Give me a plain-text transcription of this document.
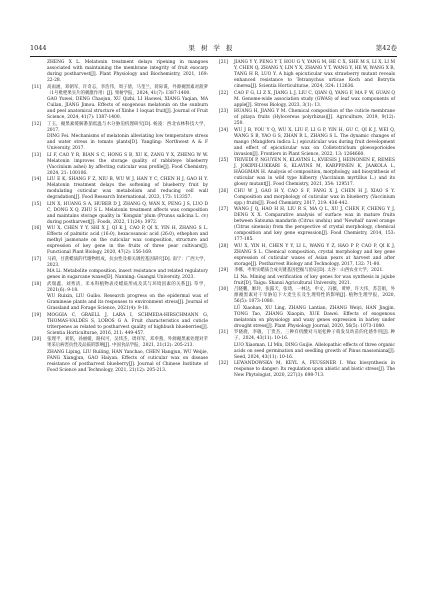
1044	果树学报	第42卷
ZHENG X L. Melatonin treatment delays ripening in mangoes associated with maintaining the membrane integrity of fruit exocarp during postharvest[J]. Plant Physiology and Biochemistry, 2021, 169: 22-28.
[11] 高雨涵，邓朝军，许奇志，李浩伟，周子倩，马奎兰，蒋际谋，外源褪黑素对菠萝（1号枇杷果实片的刺激作用）[J]. 果树学报，2024, 41(7): 1387-1400.
GAO Yuwei, DENG Chaojun, XU Qizhi, LI Haowei, XIANG Yaqian, MA Cuilan, JIANG Jimou. Effects of exogenous melatonin on the sunburn and peel anatomical structure of Xinhe 1 loquat fruit[J]. Journal of Fruit Science, 2024, 41(7): 1387-1400.
[12] 丁玉，褪黑素缓解番茄低温与水分胁迫机理研究[D]. 杨凌：西北农林科技大学，2017.
DING Fei. Mechanisms of melatonin alleviating low temperature stress and water stress in tomato plants[D]. Yangling: Northwest A & F University, 2017.
[13] LI F, CAO Y R, BIAN S C, HONG S B, XU K, ZANG Y X, ZHENG W W. Melatonin improves the storage quality of rabbiteye blueberry (Vaccinium ashei) by affecting cuticular wax profile[J]. Food Chemistry, 2024, 21: 100106.
[14] LIU E K, SHANG F Z, NIU B, WU W J, HAN Y C, CHEN H J, GAO H Y. Melatonin treatment delays the softening of blueberry fruit by modulating cuticular wax metabolism and reducing cell wall degradation[J]. Food Research International, 2023, 173: 113357.
[15] LIN X, HUANG S A, HUBER D J, ZHANG Q, WAN X, PENG J S, LUO D C, DONG X Q, ZHU S L. Melatonin treatment affects wax composition and maintains storage quality in 'Kongxin' plum (Prunus salicina L. cv) during postharvest[J]. Foods, 2022, 11(24): 3972.
[16] WU X, CHEN Y Y, SHI X J, QI K J, CAO P, QI X, YIN H, ZHANG S L. Effects of palmitic acid (16:0), hexacosanoic acid (26:0), ethephon and methyl jasmonate on the cuticular wax composition, structure and expression of key gene in the fruits of three pear cultivars[J]. Functional Plant Biology, 2020, 47(2): 156-169.
[17] 马莉，甘蔗蜡质的代谢物组成，抗虫性及相关调控基因研究[D]. 南宁：广西大学，2023.
MA Li. Metabolite composition, insect resistance and related regulatory genes in sugarcane waxes[D]. Nanning: Guangxi University, 2023.
[18] 武瑞鑫，刘秀清，禾本科植物表皮蜡质形成及其与环境因素的关系[J]. 草学，2021(6): 9-18.
WU Ruixin, LIU Guibo. Research progress on the epidermal wax of Gramineae plants and its responses to environment stress[J]. Journal of Grassland and Forage Science, 2021(4): 9-18.
[19] MOGGIA C, GRAELL J, LARA I, SCHMEDA-HIRSCHMANN G, THOMAS-VALDÉS S, LOBOS G A. Fruit characteristics and cuticle triterpenes as related to postharvest quality of highbush blueberries[J]. Scientia Horticulturae, 2016, 211: 449-457.
[20] 张理平，刘铭，孙丽媛，路权可，吴炜杰，周祥军，邓奉燕，外源褪黑素处理对苹果采后病害抗性及品质的影响[J]. 中国食品学报，2021, 21(12): 205-213.
ZHANG Liping, LIU Ruiling, HAN Yanchao, CHEN Hangjun, WU Weijie, FANG Xiangjun, GAO Haiyan. Effects of cuticular wax on disease resistance of postharvest blueberry[J]. Journal of Chinese Institute of Food Science and Technology, 2021, 21(12): 205-213.
[21] JIANG Y Y, PENG Y T, HOU G Y, YANG M, HE C X, SHE M S, LI X, LI M Y, CHEN Q, ZHANG Y, LIN Y X, ZHANG Y T, WANG Y, HE W, WANG X R, TANG H R, LUO Y. A high epicuticular wax strawberry mutant reveals enhanced resistance to Tetranychus urticae Koch and Botrytis cinerea[J]. Scientia Horticulturae, 2024, 324: 112636.
[22] CAO F G, LI Z X, JIANG L J, LIU C, QIAN Q, YANG F, MA F W, GUAN Q M. Genome-wide association study (GWAS) of leaf wax components of apple[J]. Stress Biology, 2023, 3(1): 13.
[23] HUANG H, JIANG Y M. Chemical composition of the cuticle membrane of pitaya fruits (Hylocereus polyrhizus)[J]. Agriculture, 2019, 9(12): 250.
[24] WU J B, YOU Y Q, WU X, LIU F, LI G P, YIN H, GU C, QI K J, WEI Q, WANG S B, YAO G S, ZHAN R L, ZHANG S L. The dynamic changes of mango (Mangifera indica L.) epicuticular wax during fruit development and effect of epicuticular wax on Colletotrichum gloeosporioides invasion[J]. Frontiers in Plant Science, 2022, 13: 1264660.
[25] TRIVEDI P, NGUYEN N, KLAVINS L, KVIESIS J, HEINONEN E, REMES J, JOKIPII-LUKKARI S, KLAVINS M, KARPPINEN K, JAAKOLA L, HÄGGMAN H. Analysis of composition, morphology, and biosynthesis of cuticular wax in wild type bilberry (Vaccinium myrtillus L.) and its glossy mutant[J]. Food Chemistry, 2021, 354: 129517.
[26] CHU W J, GAO H Y, CAO S F, FANG X J, CHEN H J, XIAO S Y. Composition and morphology of cuticular wax in blueberry (Vaccinium spp.) fruits[J]. Food Chemistry, 2017, 219: 436-442.
[27] WANG J Q, HAO H H, LIU R S, MA Q L, XU J, CHEN F, CHENG Y J, DENG X X. Comparative analysis of surface wax in mature fruits between Satsuma mandarin (Citrus unshiu) and 'Newhall' navel orange (Citrus sinensis) from the perspective of crystal morphology, chemical composition and key gene expression[J]. Food Chemistry, 2014, 153: 177-185.
[28] WU X, YIN H, CHEN Y Y, LI L, WANG Y Z, HAO P P, CAO P, QI K J, ZHANG S L. Chemical composition, crystal morphology and key gene expression of cuticular waxes of Asian pears at harvest and after storage[J]. Postharvest Biology and Technology, 2017, 132: 71-80.
[29] 李娜，枣果实蜡质合成关键基因挖掘与验证[D]. 太谷：山西农业大学，2021.
LI Na. Mining and verification of key genes for wax synthesis in jujube fruit[D]. Taigu: Shanxi Agricultural University, 2021.
[30] 吕晓鹏，姬玲，张露天，张琦，一林达，申文，冯薇，黄婷，许大伟，苏芸娟，外源褪黑素对干旱胁迫下大麦生长及生理特性的影响[J]. 植物生理学报，2020, 56(5): 1073-1080.
LÜ Xiaohan, XU Ling, ZHANG Lantian, ZHANG Weiyi, HAN Jingjin, TONG Tao, ZHANG Xiaopin, XUE Dawei. Effects of exogenous melatonin on physiology and waxy genes expression in barley under drought stress[J]. Plant Physiology Journal, 2020, 56(5): 1073-1080.
[31] 罗晓鹿，李敏，丁贵杰，三种有机酸对马尾松种子萌发及幼苗的化感作用[J]. 种子，2024, 43(11): 10-16.
LUO Xiaoman, LI Min, DING Guijie. Allelopathic effects of three organic acids on seed germination and seedling growth of Pinus massoniana[J]. Seed, 2024, 43(11): 10-16.
[32] LEWANDOWSKA M, KEYL A, FEUSSNER I. Wax biosynthesis in response to danger: Its regulation upon abiotic and biotic stress[J]. The New Phytologist, 2020, 227(3): 698-713.
